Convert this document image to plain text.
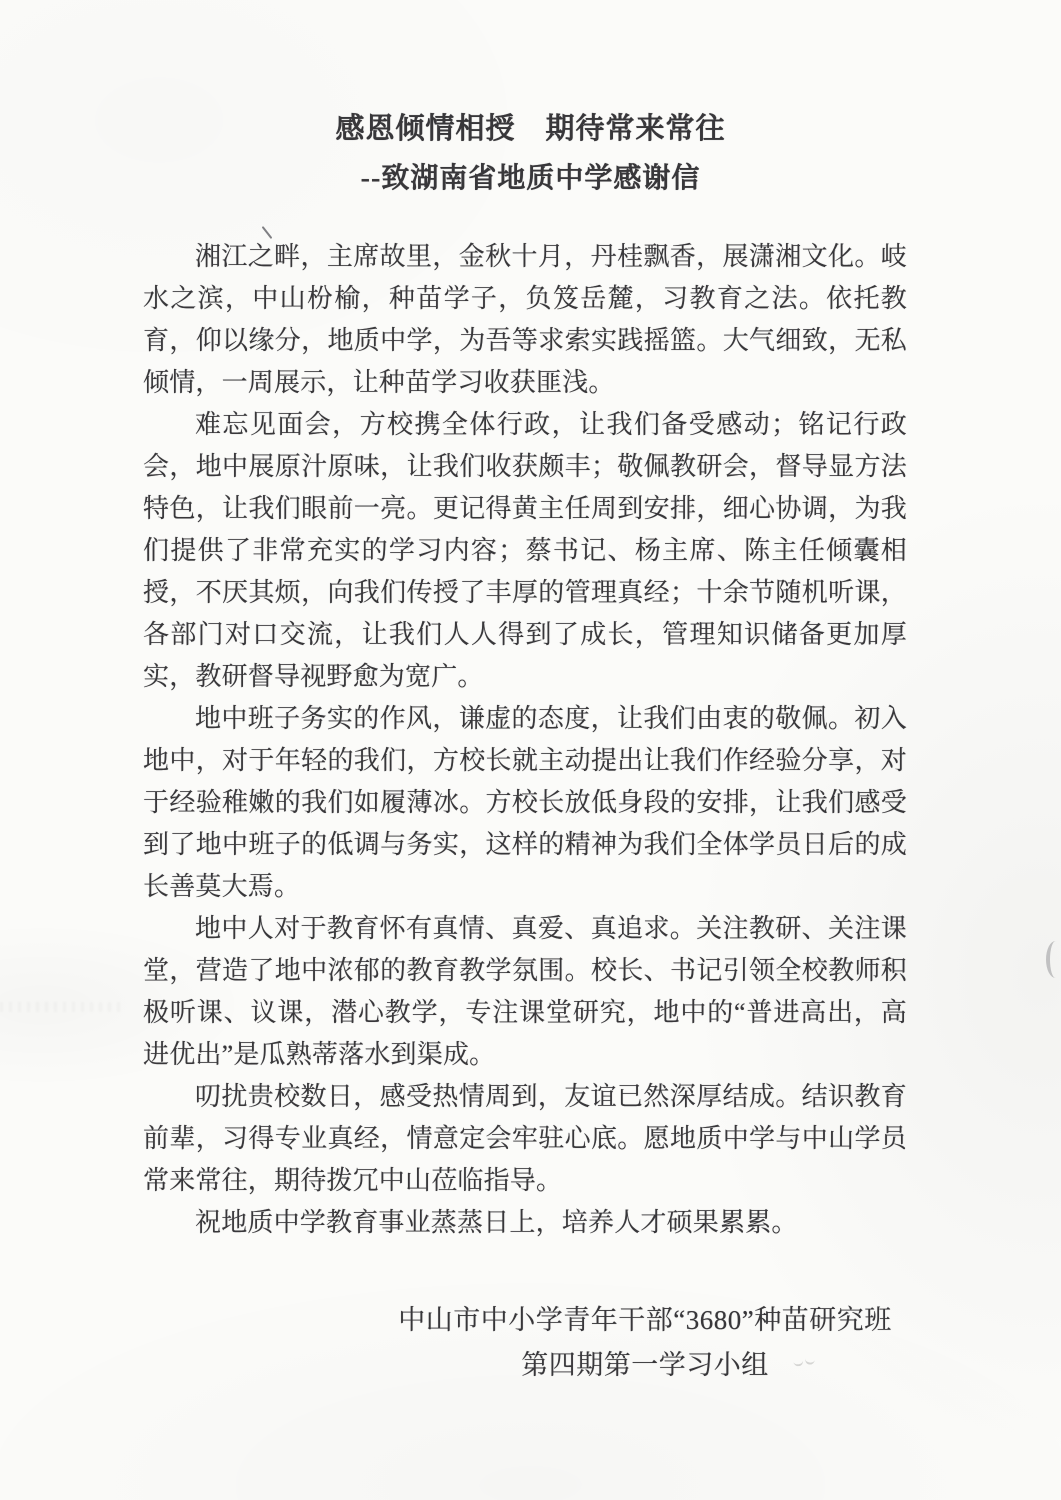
感恩倾情相授　期待常来常往
--致湖南省地质中学感谢信

湘江之畔，主席故里，金秋十月，丹桂飘香，展潇湘文化。岐水之滨，中山枌榆，种苗学子，负笈岳麓，习教育之法。依托教育，仰以缘分，地质中学，为吾等求索实践摇篮。大气细致，无私倾情，一周展示，让种苗学习收获匪浅。

难忘见面会，方校携全体行政，让我们备受感动；铭记行政会，地中展原汁原味，让我们收获颇丰；敬佩教研会，督导显方法特色，让我们眼前一亮。更记得黄主任周到安排，细心协调，为我们提供了非常充实的学习内容；蔡书记、杨主席、陈主任倾囊相授，不厌其烦，向我们传授了丰厚的管理真经；十余节随机听课，各部门对口交流，让我们人人得到了成长，管理知识储备更加厚实，教研督导视野愈为宽广。

地中班子务实的作风，谦虚的态度，让我们由衷的敬佩。初入地中，对于年轻的我们，方校长就主动提出让我们作经验分享，对于经验稚嫩的我们如履薄冰。方校长放低身段的安排，让我们感受到了地中班子的低调与务实，这样的精神为我们全体学员日后的成长善莫大焉。

地中人对于教育怀有真情、真爱、真追求。关注教研、关注课堂，营造了地中浓郁的教育教学氛围。校长、书记引领全校教师积极听课、议课，潜心教学，专注课堂研究，地中的“普进高出，高进优出”是瓜熟蒂落水到渠成。

叨扰贵校数日，感受热情周到，友谊已然深厚结成。结识教育前辈，习得专业真经，情意定会牢驻心底。愿地质中学与中山学员常来常往，期待拨冗中山莅临指导。

祝地质中学教育事业蒸蒸日上，培养人才硕果累累。

中山市中小学青年干部“3680”种苗研究班

第四期第一学习小组
